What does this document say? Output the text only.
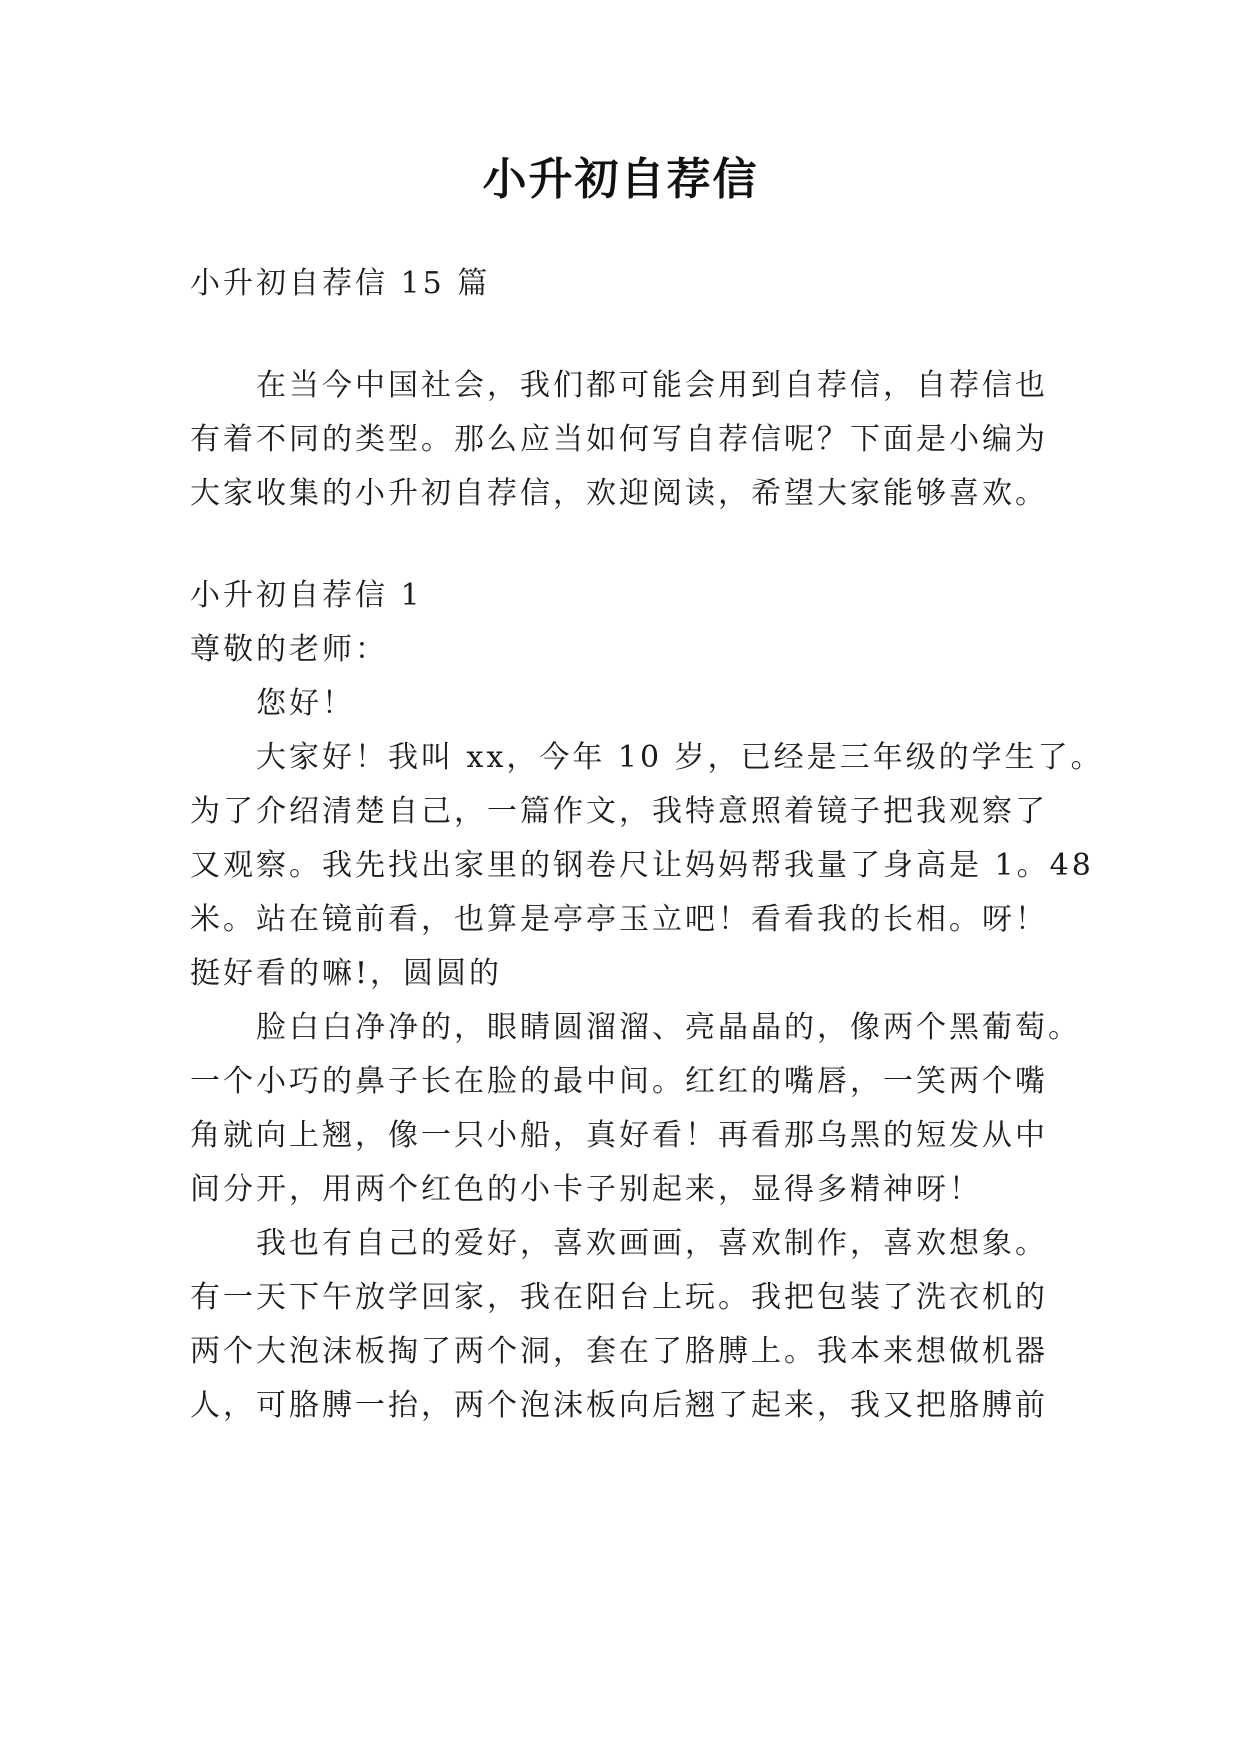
小升初自荐信
小升初自荐信 15 篇
在当今中国社会，我们都可能会用到自荐信，自荐信也
有着不同的类型。那么应当如何写自荐信呢？下面是小编为
大家收集的小升初自荐信，欢迎阅读，希望大家能够喜欢。
小升初自荐信 1
尊敬的老师：
您好！
大家好！我叫 xx，今年 10 岁，已经是三年级的学生了。
为了介绍清楚自己，一篇作文，我特意照着镜子把我观察了
又观察。我先找出家里的钢卷尺让妈妈帮我量了身高是 1。48
米。站在镜前看，也算是亭亭玉立吧！看看我的长相。呀！
挺好看的嘛!，圆圆的
脸白白净净的，眼睛圆溜溜、亮晶晶的，像两个黑葡萄。
一个小巧的鼻子长在脸的最中间。红红的嘴唇，一笑两个嘴
角就向上翘，像一只小船，真好看！再看那乌黑的短发从中
间分开，用两个红色的小卡子别起来，显得多精神呀！
我也有自己的爱好，喜欢画画，喜欢制作，喜欢想象。
有一天下午放学回家，我在阳台上玩。我把包装了洗衣机的
两个大泡沫板掏了两个洞，套在了胳膊上。我本来想做机器
人，可胳膊一抬，两个泡沫板向后翘了起来，我又把胳膊前
